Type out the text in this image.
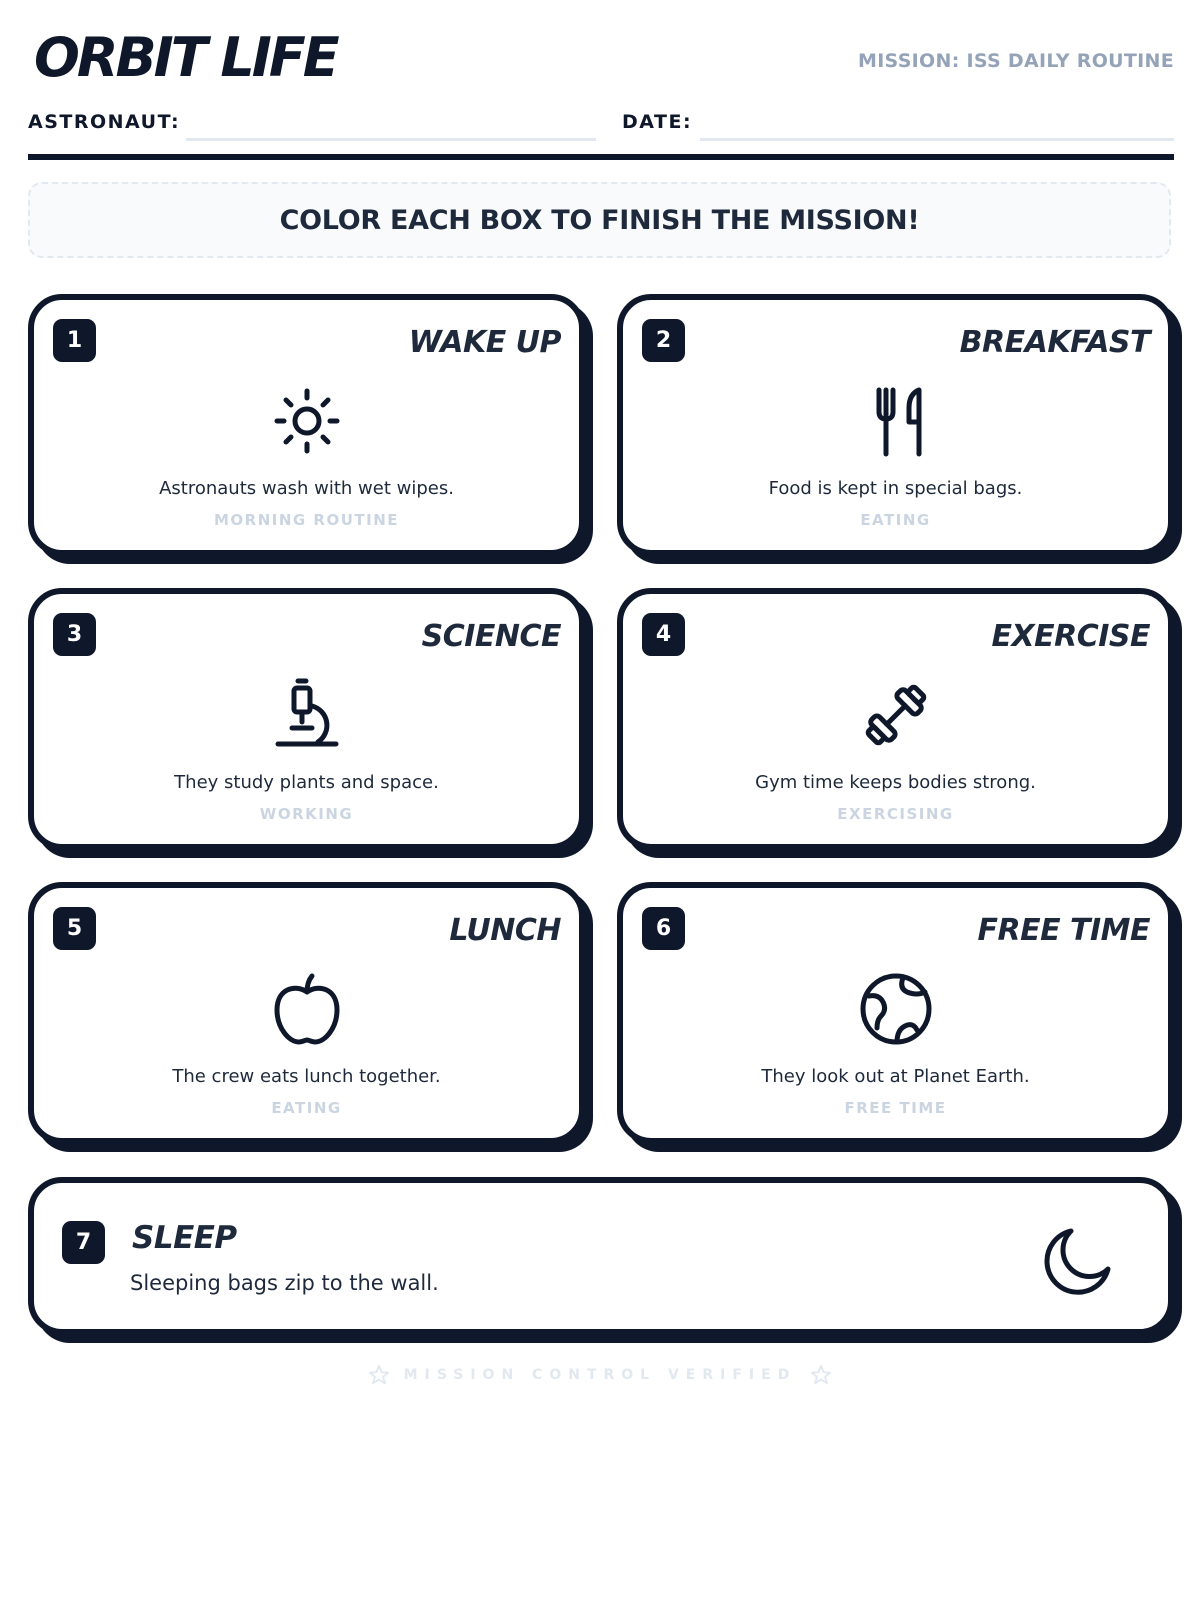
ORBIT LIFE	MISSION: ISS DAILY ROUTINE
ASTRONAUT:	DATE:
COLOR EACH BOX TO FINISH THE MISSION!
1	WAKE UP
Astronauts wash with wet wipes.
MORNING ROUTINE
2	BREAKFAST
Food is kept in special bags.
EATING
3	SCIENCE
They study plants and space.
WORKING
4	EXERCISE
Gym time keeps bodies strong.
EXERCISING
5	LUNCH
The crew eats lunch together.
EATING
6	FREE TIME
They look out at Planet Earth.
FREE TIME
7	SLEEP
Sleeping bags zip to the wall.
MISSION CONTROL VERIFIED
